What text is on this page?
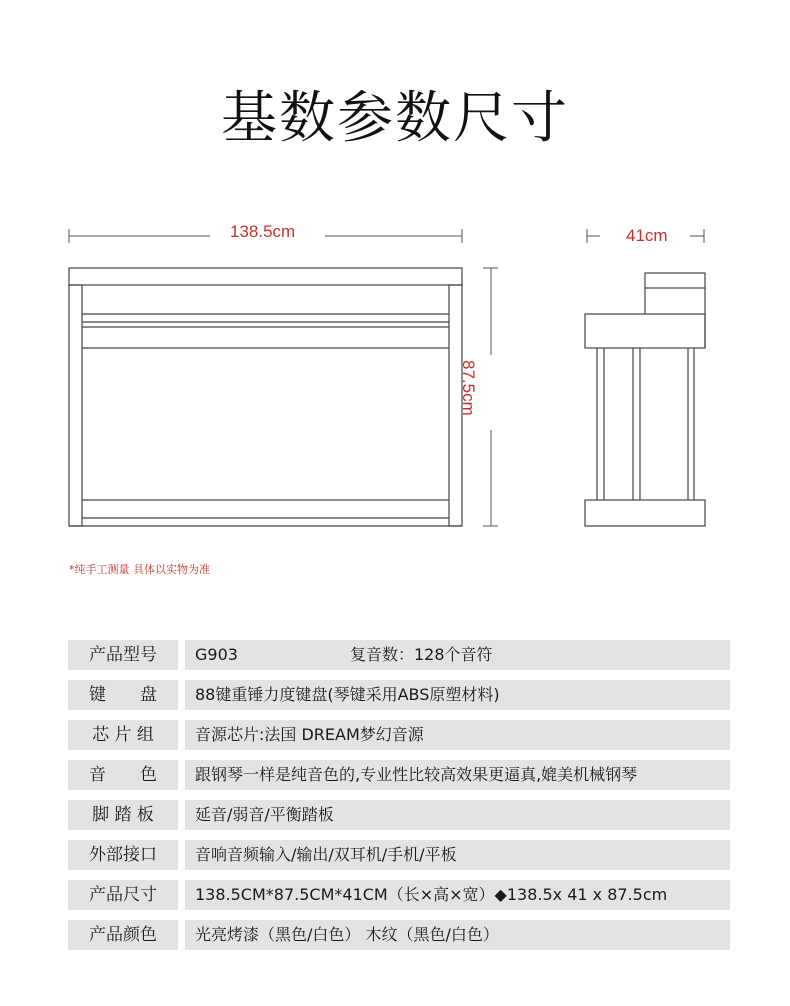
基数参数尺寸
138.5cm	41cm
87.5cm
*纯手工测量 具体以实物为准
产品型号	G903	复音数：128个音符
键　　盘	88键重锤力度键盘(琴键采用ABS原塑材料)
芯 片 组	音源芯片:法国 DREAM梦幻音源
音　　色	跟钢琴一样是纯音色的,专业性比较高效果更逼真,媲美机械钢琴
脚 踏 板	延音/弱音/平衡踏板
外部接口	音响音频输入/输出/双耳机/手机/平板
产品尺寸	138.5CM*87.5CM*41CM（长×高×宽）◆138.5x 41 x 87.5cm
产品颜色	光亮烤漆（黑色/白色） 木纹（黑色/白色）
